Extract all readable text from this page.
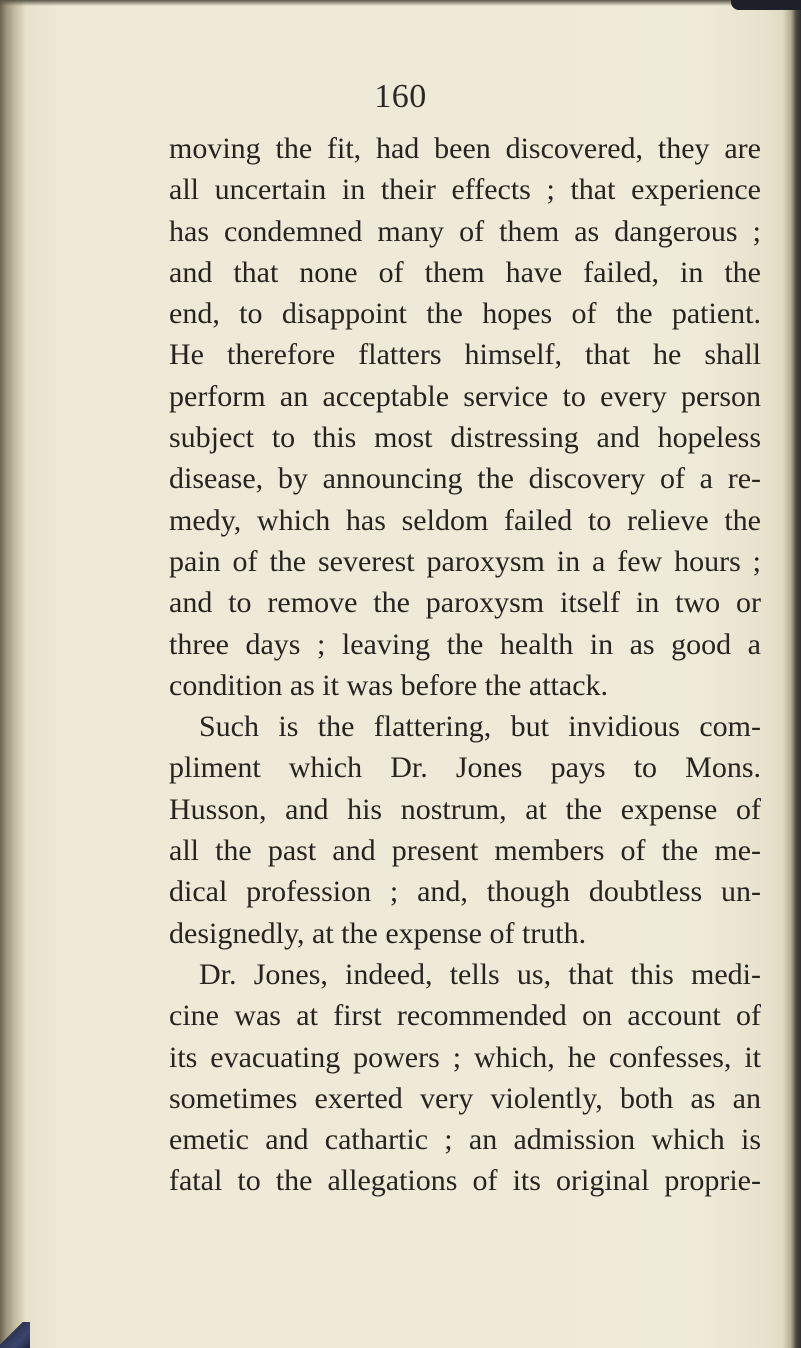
160
moving the fit, had been discovered, they are
all uncertain in their effects ; that experience
has condemned many of them as dangerous ;
and that none of them have failed, in the
end, to disappoint the hopes of the patient.
He therefore flatters himself, that he shall
perform an acceptable service to every person
subject to this most distressing and hopeless
disease, by announcing the discovery of a re-
medy, which has seldom failed to relieve the
pain of the severest paroxysm in a few hours ;
and to remove the paroxysm itself in two or
three days ; leaving the health in as good a
condition as it was before the attack.
Such is the flattering, but invidious com-
pliment which Dr. Jones pays to Mons.
Husson, and his nostrum, at the expense of
all the past and present members of the me-
dical profession ; and, though doubtless un-
designedly, at the expense of truth.
Dr. Jones, indeed, tells us, that this medi-
cine was at first recommended on account of
its evacuating powers ; which, he confesses, it
sometimes exerted very violently, both as an
emetic and cathartic ; an admission which is
fatal to the allegations of its original proprie-
